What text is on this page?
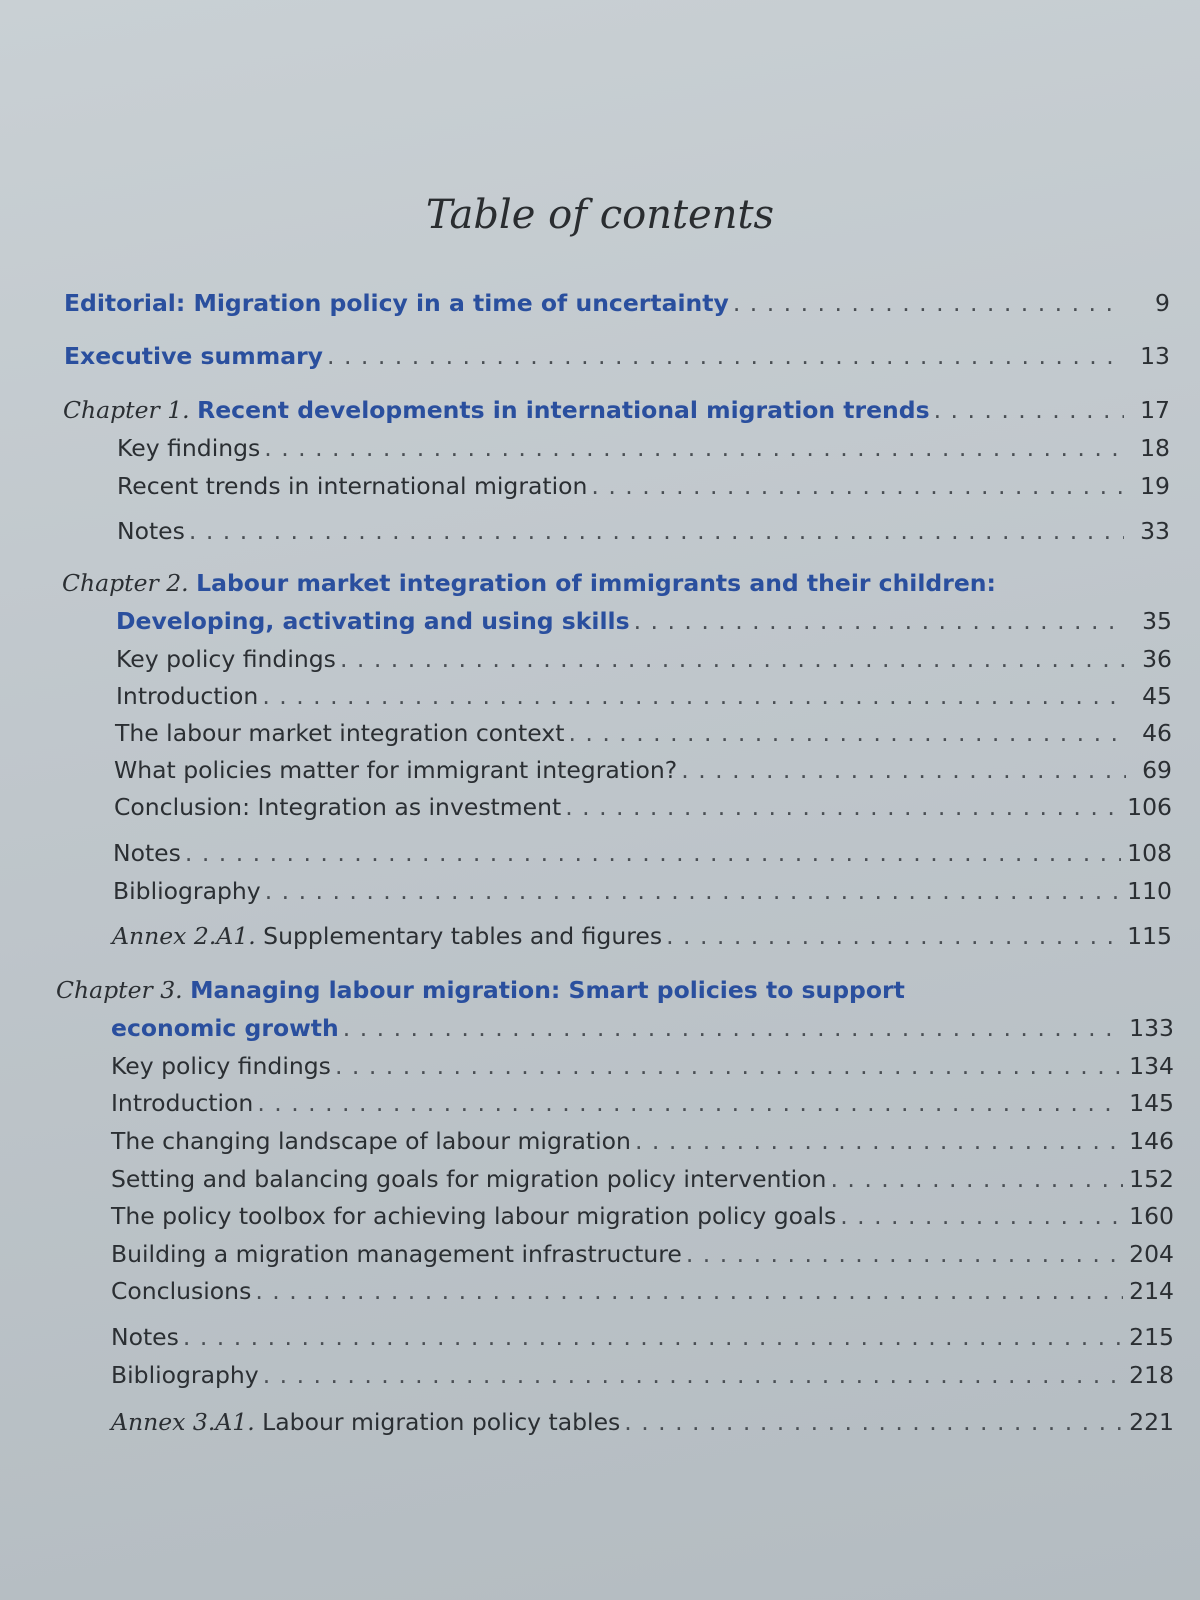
Table of contents
Editorial: Migration policy in a time of uncertainty . . .	9
Executive summary . . .	13
Chapter 1. Recent developments in international migration trends . . .	17
Key findings . . .	18
Recent trends in international migration . . .	19
Notes . . .	33
Chapter 2. Labour market integration of immigrants and their children:
Developing, activating and using skills . . .	35
Key policy findings . . .	36
Introduction . . .	45
The labour market integration context . . .	46
What policies matter for immigrant integration? . . .	69
Conclusion: Integration as investment . . .	106
Notes . . .	108
Bibliography . . .	110
Annex 2.A1. Supplementary tables and figures . . .	115
Chapter 3. Managing labour migration: Smart policies to support
economic growth . . .	133
Key policy findings . . .	134
Introduction . . .	145
The changing landscape of labour migration . . .	146
Setting and balancing goals for migration policy intervention . . .	152
The policy toolbox for achieving labour migration policy goals . . .	160
Building a migration management infrastructure . . .	204
Conclusions . . .	214
Notes . . .	215
Bibliography . . .	218
Annex 3.A1. Labour migration policy tables . . .	221
